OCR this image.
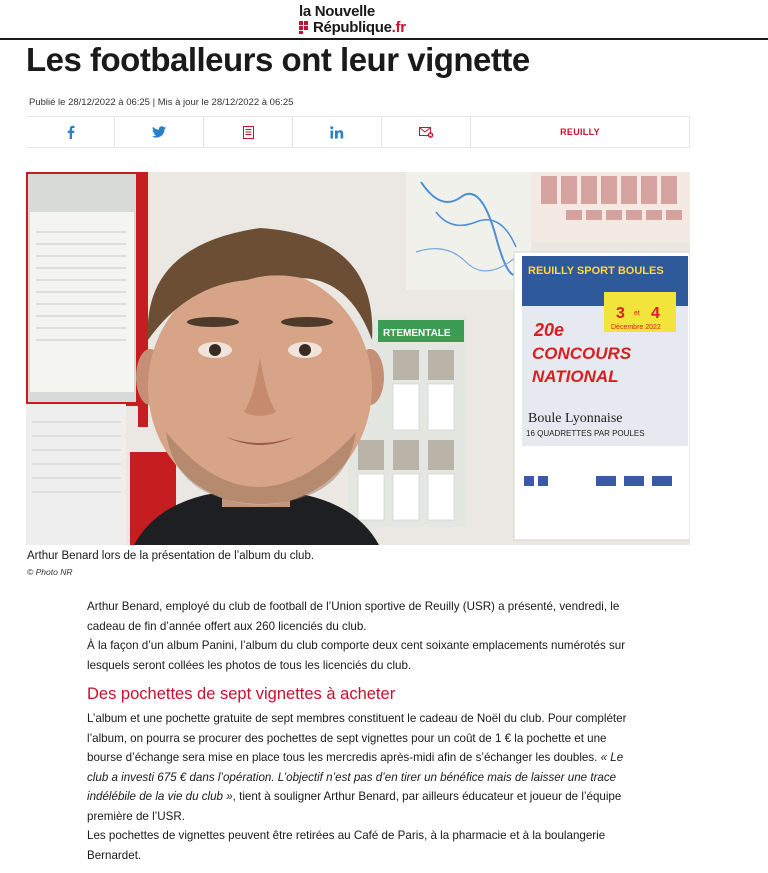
la Nouvelle
République.fr
Les footballeurs ont leur vignette
Publié le 28/12/2022 à 06:25 | Mis à jour le 28/12/2022 à 06:25
REUILLY
RTEMENTALE
REUILLY SPORT BOULES
3 et 4
Décembre 2022
20e
CONCOURS
NATIONAL
Boule Lyonnaise
16 QUADRETTES PAR POULES
Arthur Benard lors de la présentation de l’album du club.
© Photo NR

Arthur Benard, employé du club de football de l’Union sportive de Reuilly (USR) a présenté, vendredi, le cadeau de fin d’année offert aux 260 licenciés du club.

À la façon d’un album Panini, l’album du club comporte deux cent soixante emplacements numérotés sur lesquels seront collées les photos de tous les licenciés du club.

Des pochettes de sept vignettes à acheter

L’album et une pochette gratuite de sept membres constituent le cadeau de Noël du club. Pour compléter l’album, on pourra se procurer des pochettes de sept vignettes pour un coût de 1 € la pochette et une bourse d’échange sera mise en place tous les mercredis après-midi afin de s’échanger les doubles. « Le club a investi 675 € dans l’opération. L’objectif n’est pas d’en tirer un bénéfice mais de laisser une trace indélébile de la vie du club », tient à souligner Arthur Benard, par ailleurs éducateur et joueur de l’équipe première de l’USR.

Les pochettes de vignettes peuvent être retirées au Café de Paris, à la pharmacie et à la boulangerie Bernardet.
